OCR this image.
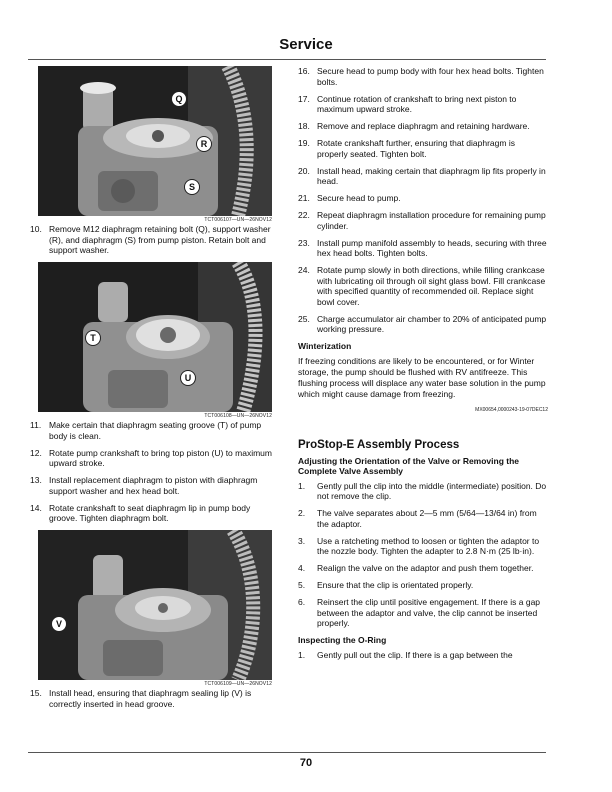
Service
Q
R
S
TCT006107—UN—26NOV12
10. Remove M12 diaphragm retaining bolt (Q), support washer (R), and diaphragm (S) from pump piston. Retain bolt and support washer.
T
U
TCT006108—UN—26NOV12
11. Make certain that diaphragm seating groove (T) of pump body is clean.
12. Rotate pump crankshaft to bring top piston (U) to maximum upward stroke.
13. Install replacement diaphragm to piston with diaphragm support washer and hex head bolt.
14. Rotate crankshaft to seat diaphragm lip in pump body groove. Tighten diaphragm bolt.
V
TCT006109—UN—26NOV12
15. Install head, ensuring that diaphragm sealing lip (V) is correctly inserted in head groove.
16. Secure head to pump body with four hex head bolts. Tighten bolts.
17. Continue rotation of crankshaft to bring next piston to maximum upward stroke.
18. Remove and replace diaphragm and retaining hardware.
19. Rotate crankshaft further, ensuring that diaphragm is properly seated. Tighten bolt.
20. Install head, making certain that diaphragm lip fits properly in head.
21. Secure head to pump.
22. Repeat diaphragm installation procedure for remaining pump cylinder.
23. Install pump manifold assembly to heads, securing with three hex head bolts. Tighten bolts.
24. Rotate pump slowly in both directions, while filling crankcase with lubricating oil through oil sight glass bowl. Fill crankcase with specified quantity of recommended oil. Replace sight bowl cover.
25. Charge accumulator air chamber to 20% of anticipated pump working pressure.
Winterization

If freezing conditions are likely to be encountered, or for Winter storage, the pump should be flushed with RV antifreeze. This flushing process will displace any water base solution in the pump which might cause damage from freezing.

MX00654,0000243-19-07DEC12
ProStop-E Assembly Process
Adjusting the Orientation of the Valve or Removing the Complete Valve Assembly
1.	Gently pull the clip into the middle (intermediate) position. Do not remove the clip.
2.	The valve separates about 2—5 mm (5/64—13/64 in) from the adaptor.
3.	Use a ratcheting method to loosen or tighten the adaptor to the nozzle body. Tighten the adapter to 2.8 N·m (25 lb·in).
4.	Realign the valve on the adaptor and push them together.
5.	Ensure that the clip is orientated properly.
6.	Reinsert the clip until positive engagement. If there is a gap between the adaptor and valve, the clip cannot be inserted properly.
Inspecting the O-Ring
1.	Gently pull out the clip. If there is a gap between the
70
